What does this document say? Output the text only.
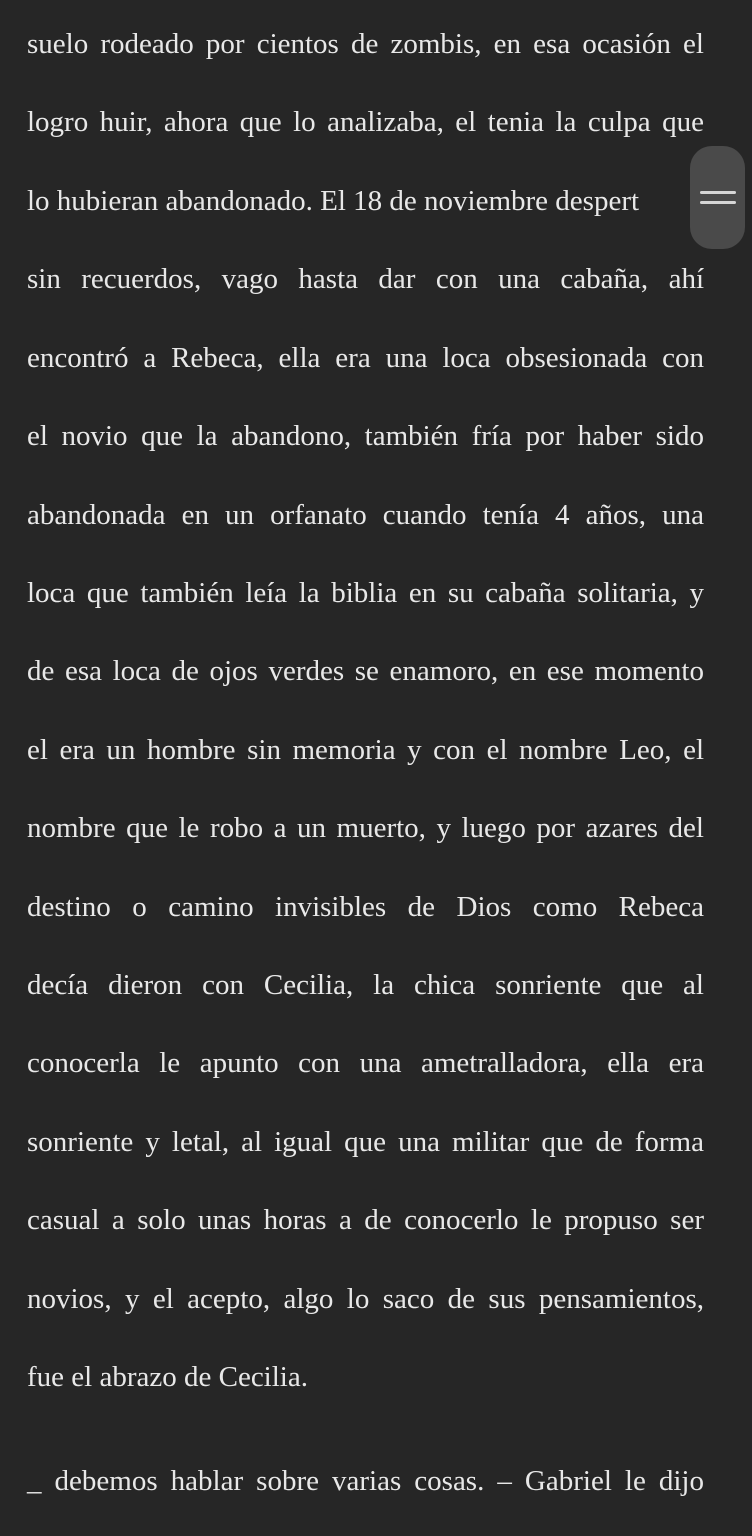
suelo rodeado por cientos de zombis, en esa ocasión el
logro huir, ahora que lo analizaba, el tenia la culpa que
lo hubieran abandonado. El 18 de noviembre despert
sin recuerdos, vago hasta dar con una cabaña, ahí
encontró a Rebeca, ella era una loca obsesionada con
el novio que la abandono, también fría por haber sido
abandonada en un orfanato cuando tenía 4 años, una
loca que también leía la biblia en su cabaña solitaria, y
de esa loca de ojos verdes se enamoro, en ese momento
el era un hombre sin memoria y con el nombre Leo, el
nombre que le robo a un muerto, y luego por azares del
destino o camino invisibles de Dios como Rebeca
decía dieron con Cecilia, la chica sonriente que al
conocerla le apunto con una ametralladora, ella era
sonriente y letal, al igual que una militar que de forma
casual a solo unas horas a de conocerlo le propuso ser
novios, y el acepto, algo lo saco de sus pensamientos,
fue el abrazo de Cecilia.
_ debemos hablar sobre varias cosas. – Gabriel le dijo
